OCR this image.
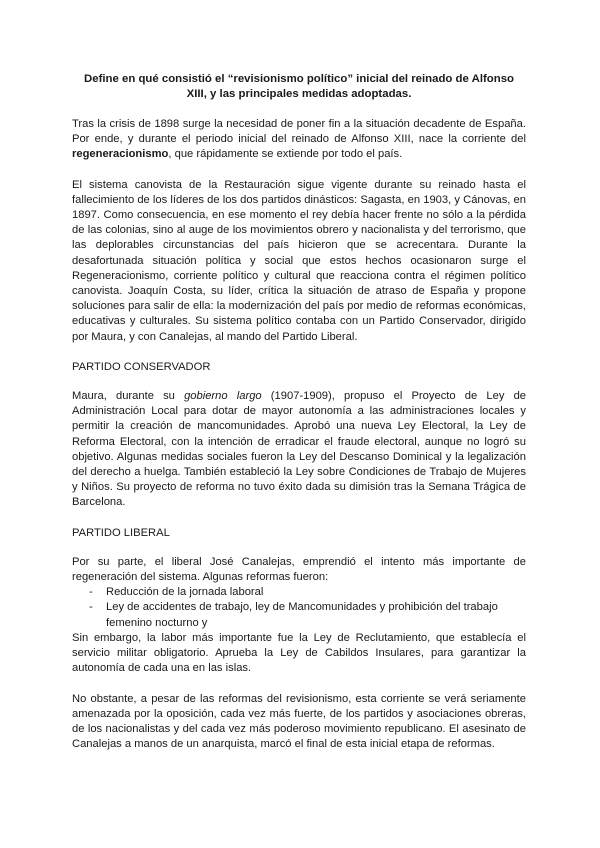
Define en qué consistió el “revisionismo político” inicial del reinado de Alfonso XIII, y las principales medidas adoptadas.

Tras la crisis de 1898 surge la necesidad de poner fin a la situación decadente de España. Por ende, y durante el periodo inicial del reinado de Alfonso XIII, nace la corriente del regeneracionismo, que rápidamente se extiende por todo el país.

El sistema canovista de la Restauración sigue vigente durante su reinado hasta el fallecimiento de los líderes de los dos partidos dinásticos: Sagasta, en 1903, y Cánovas, en 1897. Como consecuencia, en ese momento el rey debía hacer frente no sólo a la pérdida de las colonias, sino al auge de los movimientos obrero y nacionalista y del terrorismo, que las deplorables circunstancias del país hicieron que se acrecentara. Durante la desafortunada situación política y social que estos hechos ocasionaron surge el Regeneracionismo, corriente político y cultural que reacciona contra el régimen político canovista. Joaquín Costa, su líder, crítica la situación de atraso de España y propone soluciones para salir de ella: la modernización del país por medio de reformas económicas, educativas y culturales. Su sistema político contaba con un Partido Conservador, dirigido por Maura, y con Canalejas, al mando del Partido Liberal.

PARTIDO CONSERVADOR

Maura, durante su gobierno largo (1907-1909), propuso el Proyecto de Ley de Administración Local para dotar de mayor autonomía a las administraciones locales y permitir la creación de mancomunidades. Aprobó una nueva Ley Electoral, la Ley de Reforma Electoral, con la intención de erradicar el fraude electoral, aunque no logró su objetivo. Algunas medidas sociales fueron la Ley del Descanso Dominical y la legalización del derecho a huelga. También estableció la Ley sobre Condiciones de Trabajo de Mujeres y Niños. Su proyecto de reforma no tuvo éxito dada su dimisión tras la Semana Trágica de Barcelona.

PARTIDO LIBERAL

Por su parte, el liberal José Canalejas, emprendió el intento más importante de regeneración del sistema. Algunas reformas fueron:

- Reducción de la jornada laboral
- Ley de accidentes de trabajo, ley de Mancomunidades y prohibición del trabajo femenino nocturno y

Sin embargo, la labor más importante fue la Ley de Reclutamiento, que establecía el servicio militar obligatorio. Aprueba la Ley de Cabildos Insulares, para garantizar la autonomía de cada una en las islas.

No obstante, a pesar de las reformas del revisionismo, esta corriente se verá seriamente amenazada por la oposición, cada vez más fuerte, de los partidos y asociaciones obreras, de los nacionalistas y del cada vez más poderoso movimiento republicano. El asesinato de Canalejas a manos de un anarquista, marcó el final de esta inicial etapa de reformas.
